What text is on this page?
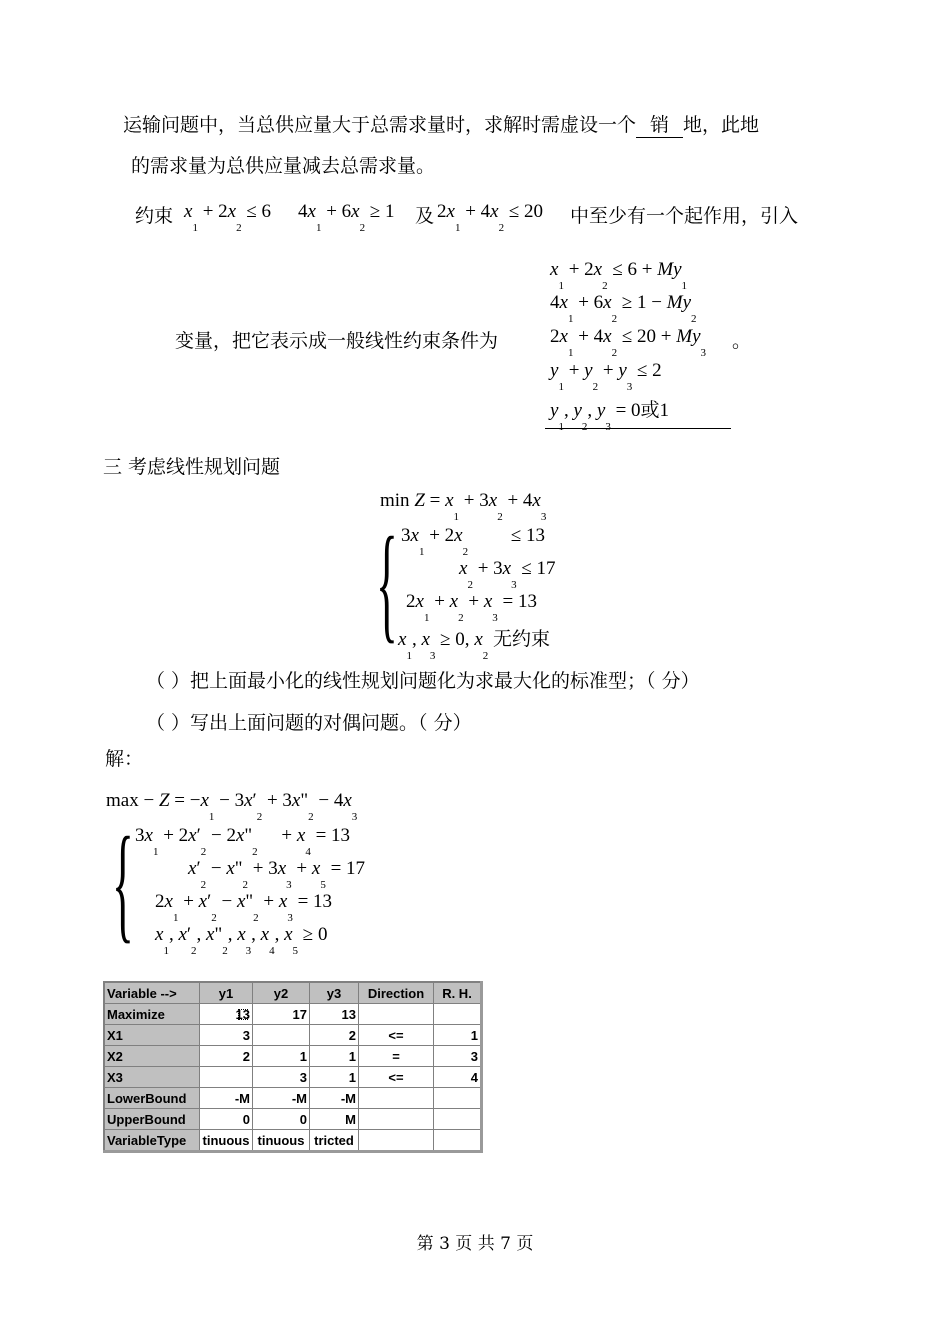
运输问题中，当总供应量大于总需求量时，求解时需虚设一个 销 地，此地
的需求量为总供应量减去总需求量。
约束 $x_1 + 2x_2 \le 6$ $4x_1 + 6x_2 \ge 1$ 及 $2x_1 + 4x_2 \le 20$ 中至少有一个起作用，引入
$x_1 + 2x_2 \le 6 + My_1$
$4x_1 + 6x_2 \ge 1 - My_2$
变量，把它表示成一般线性约束条件为	$2x_1 + 4x_2 \le 20 + My_3$
。
$y_1 + y_2 + y_3 \le 2$
$y_1$, $y_2$, $y_3 = 0$或1
三 考虑线性规划问题
$\min Z = x_1 + 3x_2 + 4x_3$
{ $3x_1 + 2x_2$         ≤ 13
$x_2 + 3x_3 \le 17$
$2x_1 + x_2 + x_3 = 13$
$x_1$, $x_3 \ge 0$, $x_2$ 无约束
（ ）把上面最小化的线性规划问题化为求最大化的标准型；（ 分）
（ ）写出上面问题的对偶问题。（ 分）
解：
$\max - Z = -x_1 - 3x'_2$ + $3x"_2 - 4x_3$
{ $3x_1 + 2x'_2$ − $2x"_2$     + $x_4 = 13$
$x'_2$ − $x"_2 + 3x_3 + x_5 = 17$
$2x_1 + x'_2$ − $x"_2 + x_3 = 13$
$x_1$, $x'_2$, $x"_2$, $x_3$, $x_4$, $x_5 \ge 0$
Variable -->	y1	y2	y3	Direction	R. H.
Maximize	13	17	13		
X1	3		2	<=	1
X2	2	1	1	=	3
X3		3	1	<=	4
LowerBound	-M	-M	-M		
UpperBound	0	0	M		
VariableType	tinuous	tinuous	tricted		
第 3 页 共 7 页
